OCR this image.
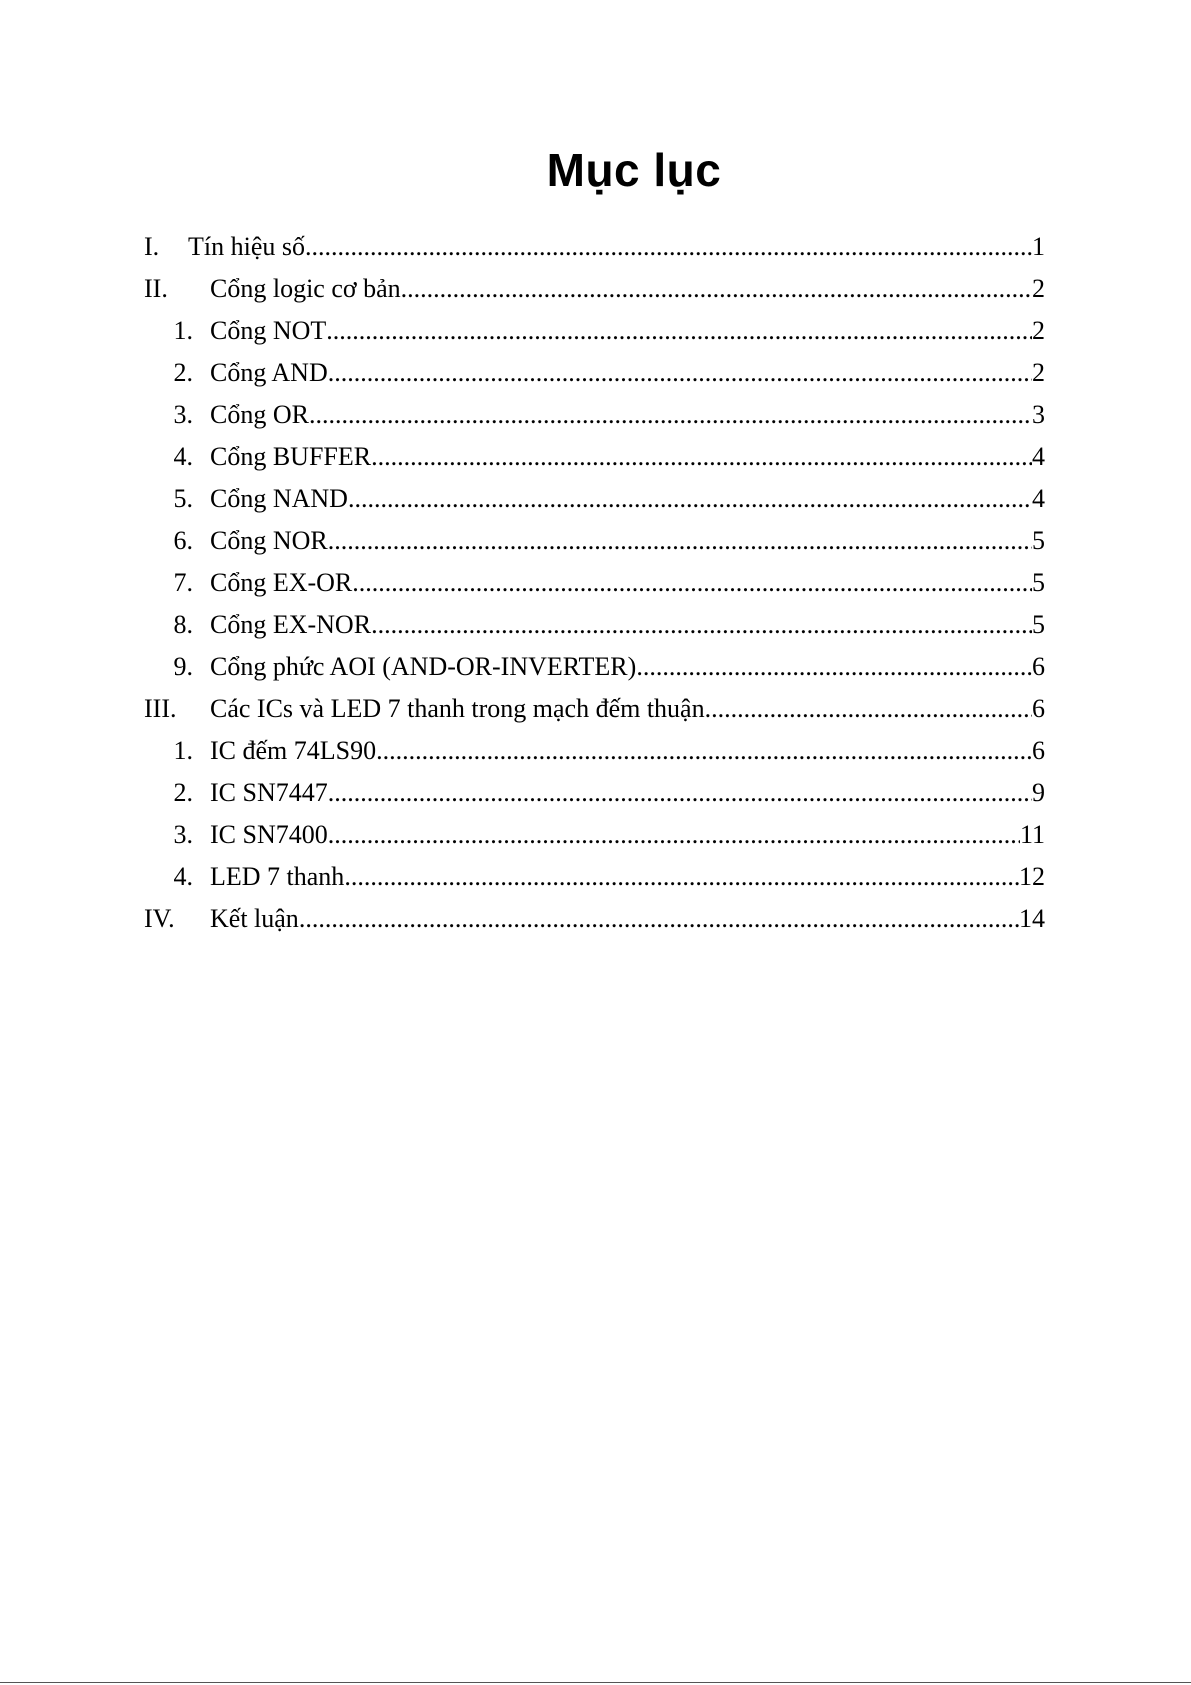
Mục lục
I.	Tín hiệu số .....	1
II.	Cổng logic cơ bản .....	2
1. Cổng NOT .....	2
2. Cổng AND .....	2
3. Cổng OR .....	3
4. Cổng BUFFER .....	4
5. Cổng NAND .....	4
6. Cổng NOR .....	5
7. Cổng EX-OR .....	5
8. Cổng EX-NOR .....	5
9. Cổng phức AOI (AND-OR-INVERTER) .....	6
III.	Các ICs và LED 7 thanh trong mạch đếm thuận .....	6
1. IC đếm 74LS90 .....	6
2. IC SN7447 .....	9
3. IC SN7400 .....	11
4. LED 7 thanh .....	12
IV.	Kết luận .....	14
